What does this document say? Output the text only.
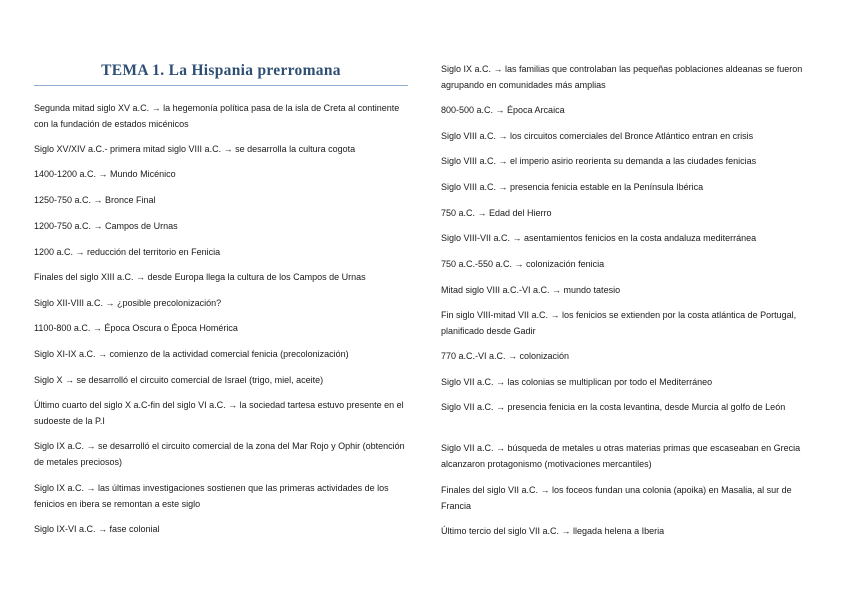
TEMA 1. La Hispania prerromana
Segunda mitad siglo XV a.C. → la hegemonía política pasa de la isla de Creta al continente con la fundación de estados micénicos
Siglo XV/XIV a.C.- primera mitad siglo VIII a.C. → se desarrolla la cultura cogota
1400-1200 a.C. → Mundo Micénico
1250-750 a.C. → Bronce Final
1200-750 a.C. → Campos de Urnas
1200 a.C. → reducción del territorio en Fenicia
Finales del siglo XIII a.C. → desde Europa llega la cultura de los Campos de Urnas
Siglo XII-VIII a.C. → ¿posible precolonización?
1100-800 a.C. → Época Oscura o Época Homérica
Siglo XI-IX a.C. → comienzo de la actividad comercial fenicia (precolonización)
Siglo X → se desarrolló el circuito comercial de Israel (trigo, miel, aceite)
Último cuarto del siglo X a.C-fin del siglo VI a.C. → la sociedad tartesa estuvo presente en el sudoeste de la P.I
Siglo IX a.C. → se desarrolló el circuito comercial de la zona del Mar Rojo y Ophir (obtención de metales preciosos)
Siglo IX a.C. → las últimas investigaciones sostienen que las primeras actividades de los fenicios en ibera se remontan a este siglo
Siglo IX-VI a.C. → fase colonial
Siglo IX a.C. → las familias que controlaban las pequeñas poblaciones aldeanas se fueron agrupando en comunidades más amplias
800-500 a.C. → Época Arcaica
Siglo VIII a.C. → los circuitos comerciales del Bronce Atlántico entran en crisis
Siglo VIII a.C. → el imperio asirio reorienta su demanda a las ciudades fenicias
Siglo VIII a.C. → presencia fenicia estable en la Península Ibérica
750 a.C. → Edad del Hierro
Siglo VIII-VII a.C. → asentamientos fenicios en la costa andaluza mediterránea
750 a.C.-550 a.C. → colonización fenicia
Mitad siglo VIII a.C.-VI a.C. → mundo tatesio
Fin siglo VIII-mitad VII a.C. → los fenicios se extienden por la costa atlántica de Portugal, planificado desde Gadir
770 a.C.-VI a.C. → colonización
Siglo VII a.C. → las colonias se multiplican por todo el Mediterráneo
Siglo VII a.C. → presencia fenicia en la costa levantina, desde Murcia al golfo de León
Siglo VII a.C. → búsqueda de metales u otras materias primas que escaseaban en Grecia alcanzaron protagonismo (motivaciones mercantiles)
Finales del siglo VII a.C. → los foceos fundan una colonia (apoika) en Masalia, al sur de Francia
Último tercio del siglo VII a.C. → llegada helena a Iberia
